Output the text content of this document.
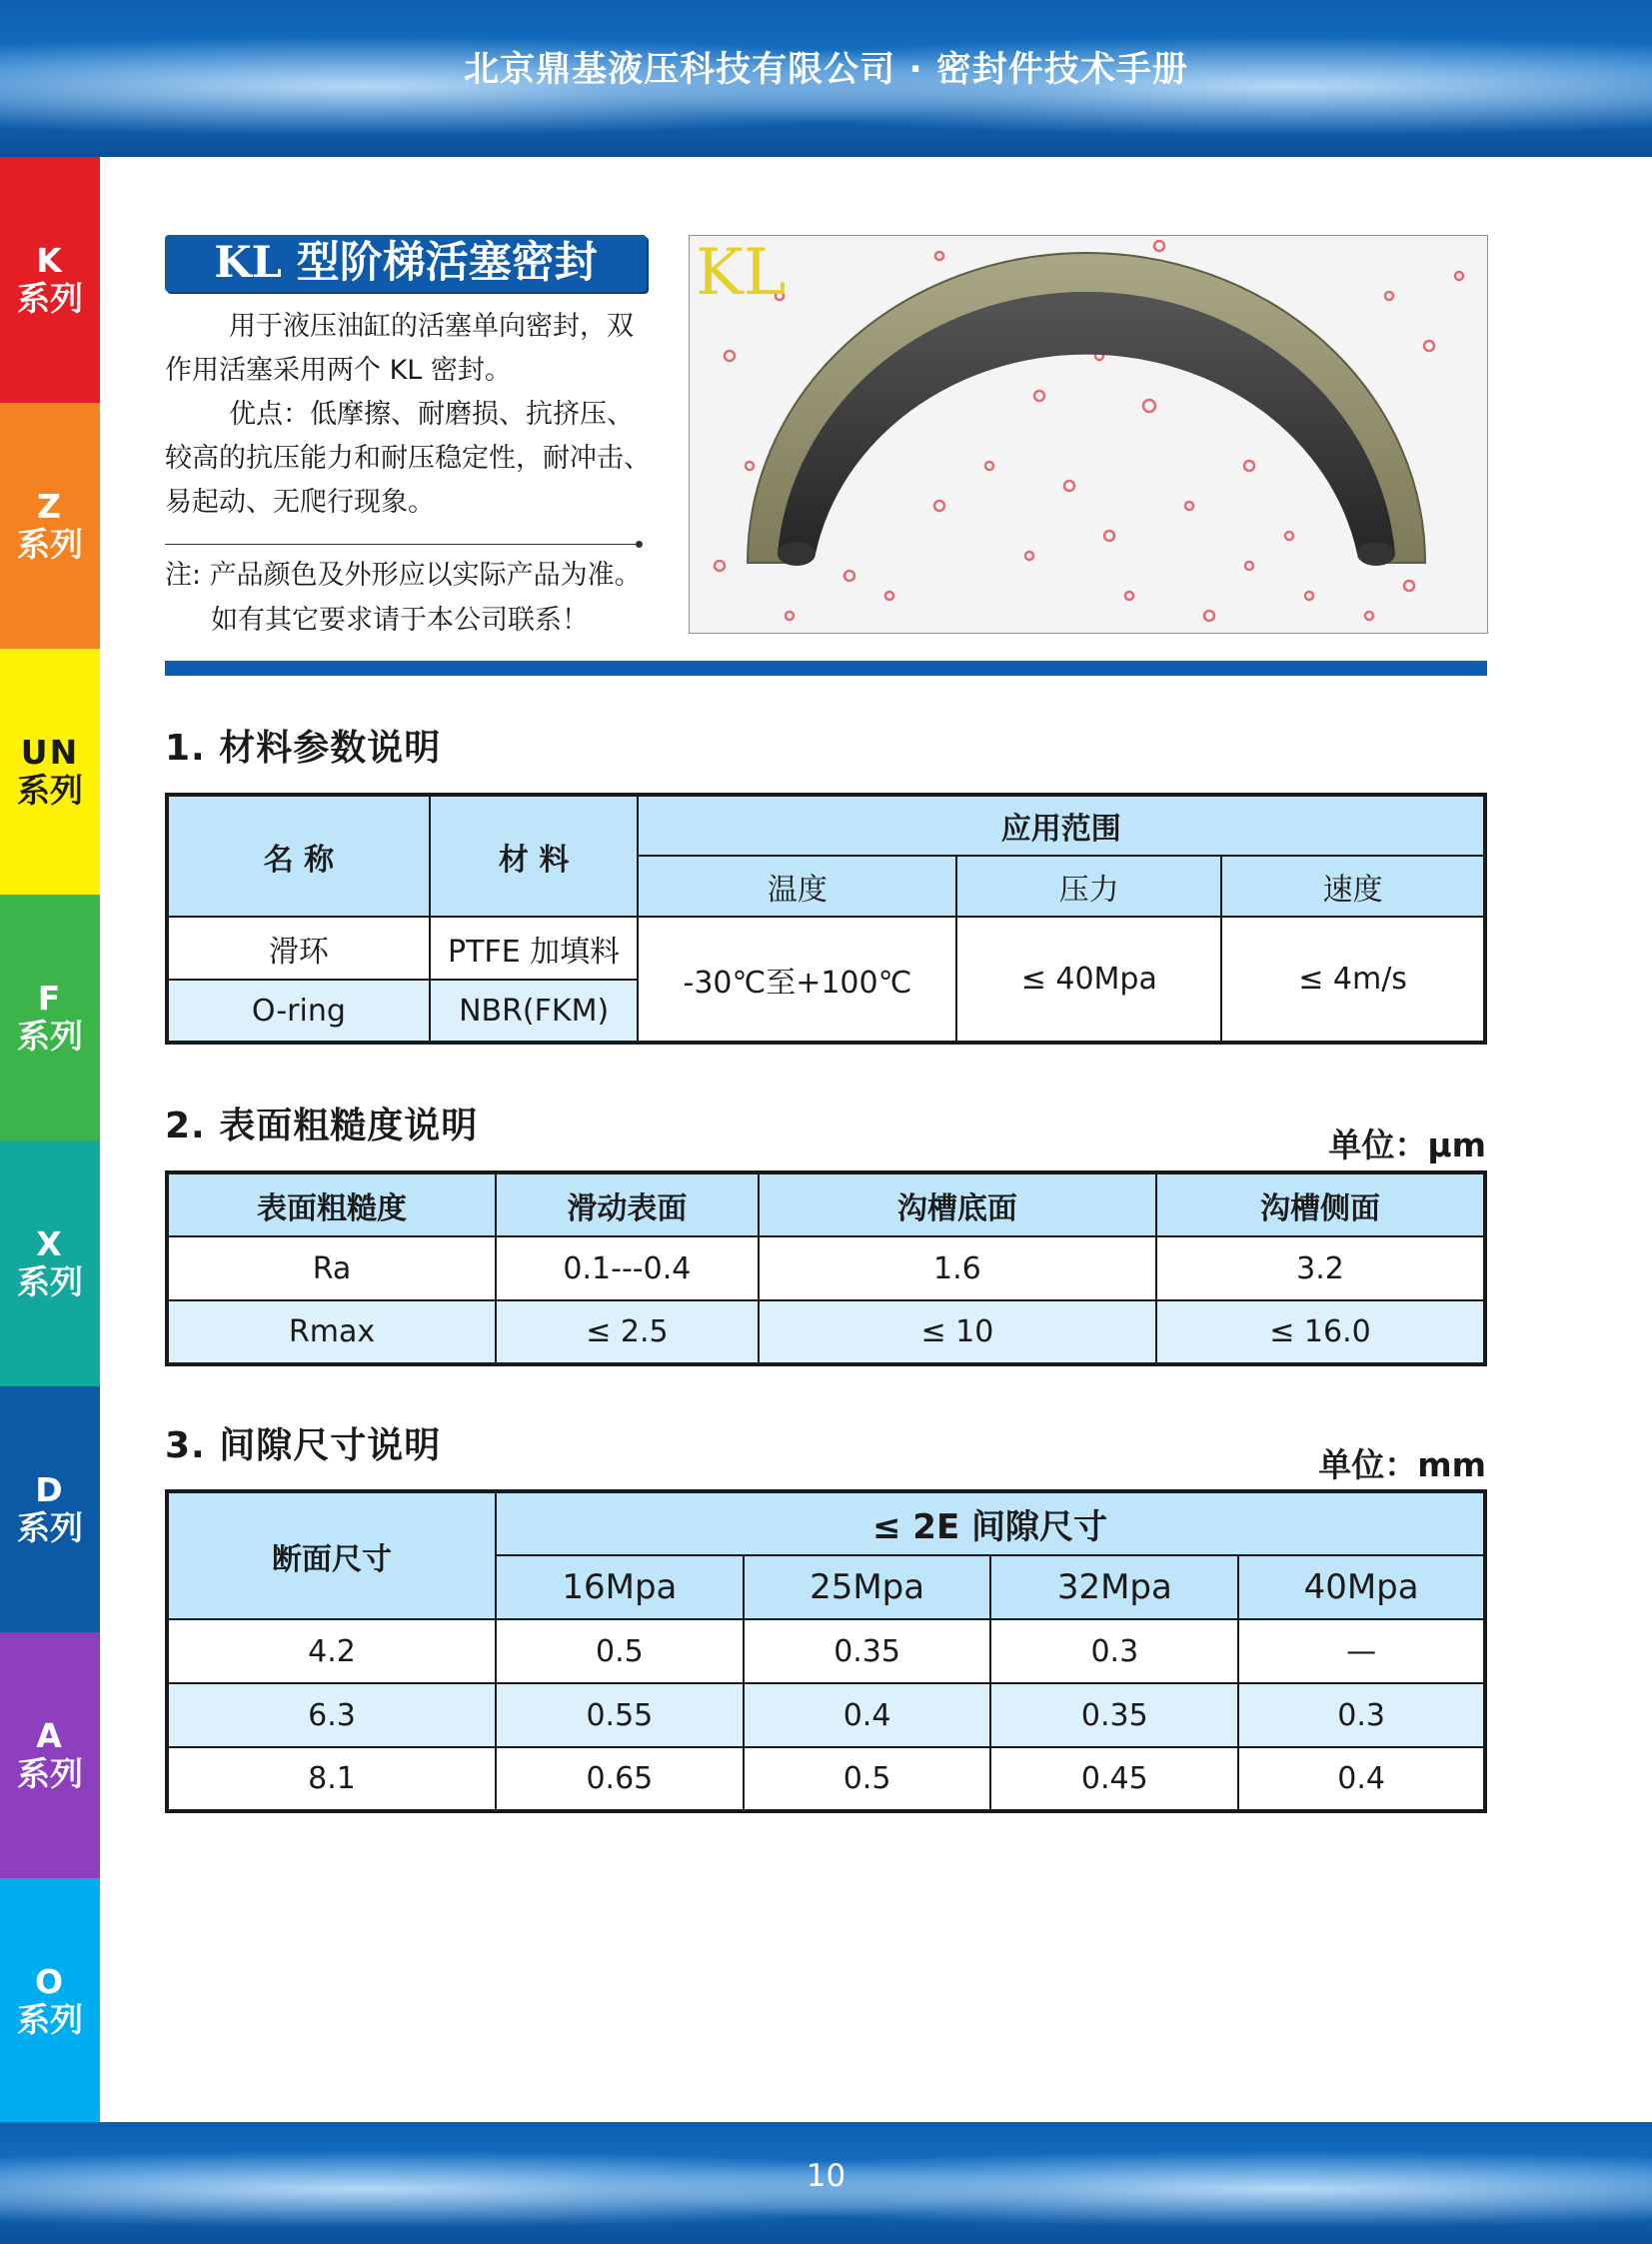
北京鼎基液压科技有限公司 · 密封件技术手册
K
系列
Z
系列
UN
系列
F
系列
X
系列
D
系列
A
系列
O
系列
KL 型阶梯活塞密封

用于液压油缸的活塞单向密封，双作用活塞采用两个 KL 密封。

优点：低摩擦、耐磨损、抗挤压、较高的抗压能力和耐压稳定性，耐冲击、易起动、无爬行现象。

注: 产品颜色及外形应以实际产品为准。
如有其它要求请于本公司联系！
KL
1. 材料参数说明
名 称	材 料	应用范围		
		温度	压力	速度
滑环	PTFE 加填料	-30℃至+100℃	≤ 40Mpa	≤ 4m/s
O-ring	NBR(FKM)			
2. 表面粗糙度说明	单位：μm
表面粗糙度	滑动表面	沟槽底面	沟槽侧面
Ra	0.1---0.4	1.6	3.2
Rmax	≤ 2.5	≤ 10	≤ 16.0
3. 间隙尺寸说明	单位：mm
断面尺寸	≤ 2E 间隙尺寸			
	16Mpa	25Mpa	32Mpa	40Mpa
4.2	0.5	0.35	0.3	—
6.3	0.55	0.4	0.35	0.3
8.1	0.65	0.5	0.45	0.4
10
